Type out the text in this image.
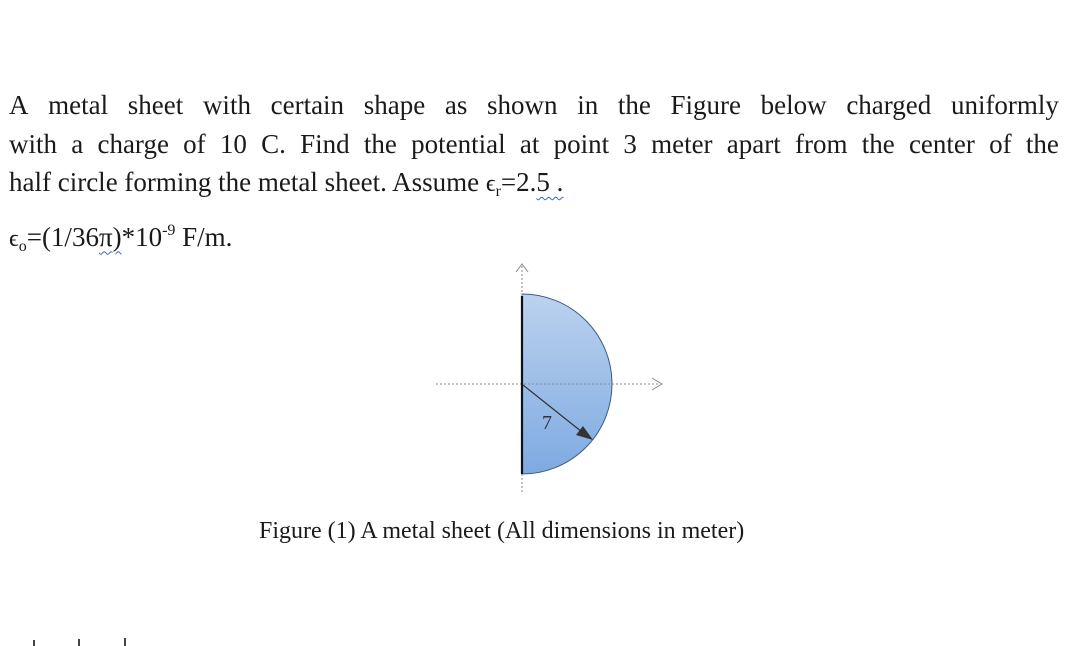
A metal sheet with certain shape as shown in the Figure below charged uniformly

with a charge of 10 C. Find the potential at point 3 meter apart from the center of the

half circle forming the metal sheet. Assume $\epsilon_r=2.5$ .

$\epsilon_o=(1/36\pi)*10^{-9}$ F/m.

7
Figure (1) A metal sheet (All dimensions in meter)
